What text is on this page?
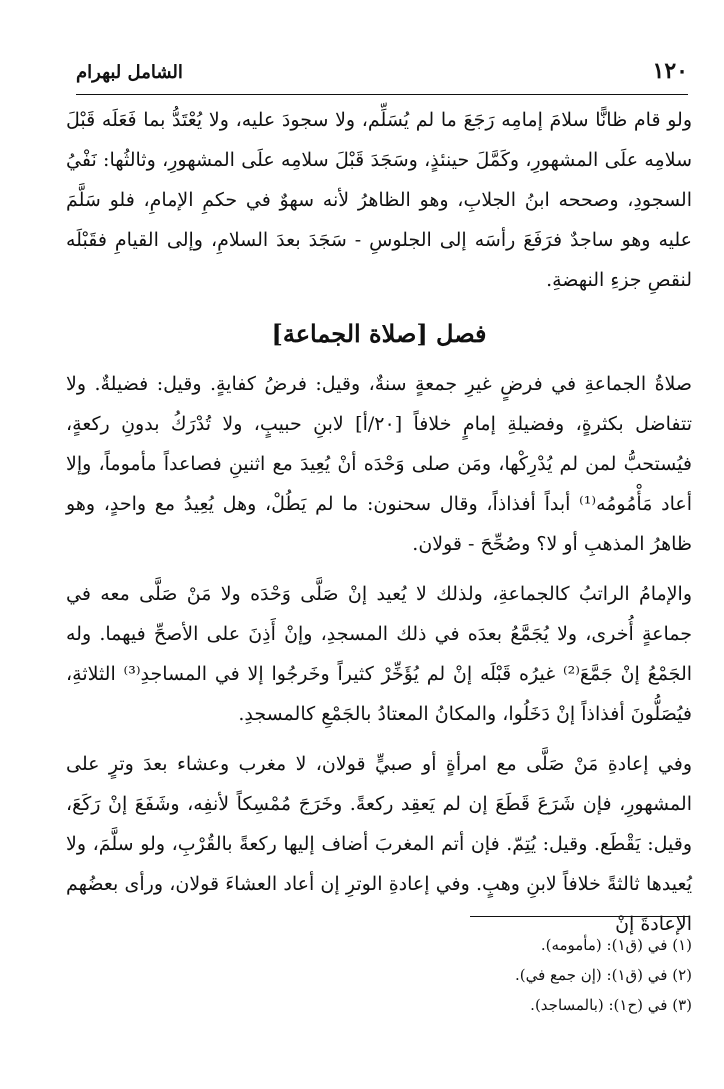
١٢٠
الشامل لبهرام

ولو قام ظانًّا سلامَ إمامِه رَجَعَ ما لم يُسَلِّم، ولا سجودَ عليه، ولا يُعْتَدُّ بما فَعَلَه قَبْلَ سلامِه علَى المشهورِ، وكَمَّلَ حينئذٍ، وسَجَدَ قَبْلَ سلامِه علَى المشهورِ، وثالثُها: نَفْيُ السجودِ، وصححه ابنُ الجلابِ، وهو الظاهرُ لأنه سهوٌ في حكمِ الإمامِ، فلو سَلَّمَ عليه وهو ساجدٌ فرَفَعَ رأسَه إلى الجلوسِ - سَجَدَ بعدَ السلامِ، وإلى القيامِ فقَبْلَه لنقصِ جزءِ النهضةِ.

فصل [صلاة الجماعة]

صلاةُ الجماعةِ في فرضٍ غيرِ جمعةٍ سنةٌ، وقيل: فرضُ كفايةٍ. وقيل: فضيلةٌ. ولا تتفاضل بكثرةٍ، وفضيلةِ إمامٍ خلافاً [٢٠/أ] لابنِ حبيبٍ، ولا تُدْرَكُ بدونِ ركعةٍ، فيُستحبُّ لمن لم يُدْرِكْها، ومَن صلى وَحْدَه أنْ يُعِيدَ مع اثنينِ فصاعداً مأموماً، وإلا أعاد مَأْمُومُه⁽¹⁾ أبداً أفذاذاً، وقال سحنون: ما لم يَطُلْ، وهل يُعِيدُ مع واحدٍ، وهو ظاهرُ المذهبِ أو لا؟ وصُحِّحَ - قولان.

والإمامُ الراتبُ كالجماعةِ، ولذلك لا يُعيد إنْ صَلَّى وَحْدَه ولا مَنْ صَلَّى معه في جماعةٍ أُخرى، ولا يُجَمَّعُ بعدَه في ذلك المسجدِ، وإنْ أَذِنَ على الأصحِّ فيهما. وله الجَمْعُ إنْ جَمَّعَ⁽²⁾ غيرُه قَبْلَه إنْ لم يُؤَخِّرْ كثيراً وخَرجُوا إلا في المساجدِ⁽³⁾ الثلاثةِ، فيُصَلُّونَ أفذاذاً إنْ دَخَلُوا، والمكانُ المعتادُ بالجَمْعِ كالمسجدِ.

وفي إعادةِ مَنْ صَلَّى مع امرأةٍ أو صبيٍّ قولان، لا مغرب وعشاء بعدَ وترٍ على المشهورِ، فإن شَرَعَ قَطَعَ إن لم يَعقِد ركعةً. وخَرَجَ مُمْسِكاً لأنفِه، وشَفَعَ إنْ رَكَعَ، وقيل: يَقْطَع. وقيل: يُتِمّ. فإن أتم المغربَ أضاف إليها ركعةً بالقُرْبِ، ولو سلَّمَ، ولا يُعيدها ثالثةً خلافاً لابنِ وهبٍ. وفي إعادةِ الوترِ إن أعاد العشاءَ قولان، ورأى بعضُهم الإعادةَ إنْ

(١) في (ق١): (مأمومه).
(٢) في (ق١): (إن جمع في).
(٣) في (ح١): (بالمساجد).
